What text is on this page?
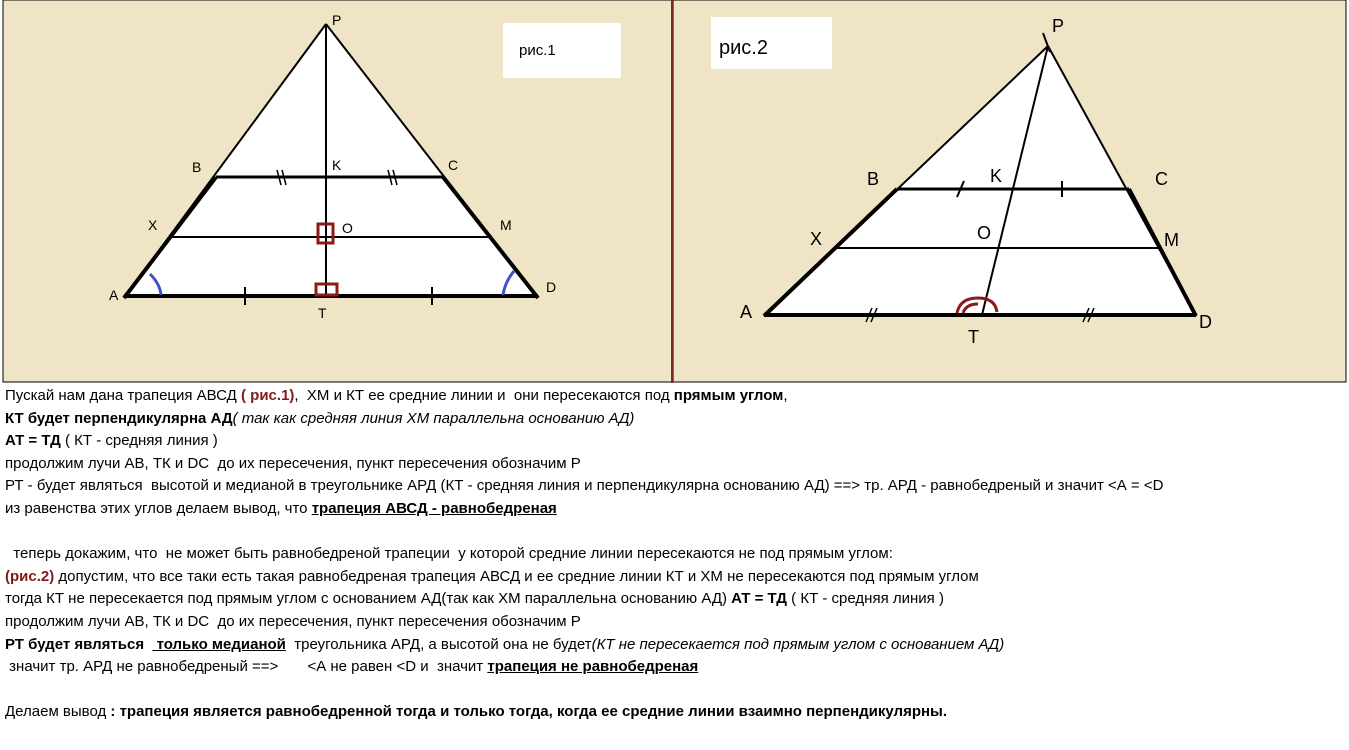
рис.1
P
B	K	C
X	O	M
A
T
D
рис.2
P
B	K	C
X	O	M
A
T
D
Пускай нам дана трапеция АВСД ( рис.1),  ХМ и КТ ее средние линии и  они пересекаются под прямым углом,
КТ будет перпендикулярна АД( так как средняя линия ХМ параллельна основанию АД)
АТ = ТД ( КТ - средняя линия )
продолжим лучи АВ, ТК и DC  до их пересечения, пункт пересечения обозначим Р
РТ - будет являться  высотой и медианой в треугольнике АРД (КТ - средняя линия и перпендикулярна основанию АД) ==> тр. АРД - равнобедреный и значит <А = <D
из равенства этих углов делаем вывод, что трапеция АВСД - равнобедреная
теперь докажим, что  не может быть равнобедреной трапеции  у которой средние линии пересекаются не под прямым углом:
(рис.2) допустим, что все таки есть такая равнобедреная трапеция АВСД и ее средние линии КТ и ХМ не пересекаются под прямым углом
тогда КТ не пересекается под прямым углом с основанием АД(так как ХМ параллельна основанию АД) АТ = ТД ( КТ - средняя линия )
продолжим лучи АВ, ТК и DC  до их пересечения, пункт пересечения обозначим Р
РТ будет являться   только медианой  треугольника АРД, а высотой она не будет(КТ не пересекается под прямым углом с основанием АД)
значит тр. АРД не равнобедреный ==>       <А не равен <D и  значит трапеция не равнобедреная
Делаем вывод : трапеция является равнобедренной тогда и только тогда, когда ее средние линии взаимно перпендикулярны.
